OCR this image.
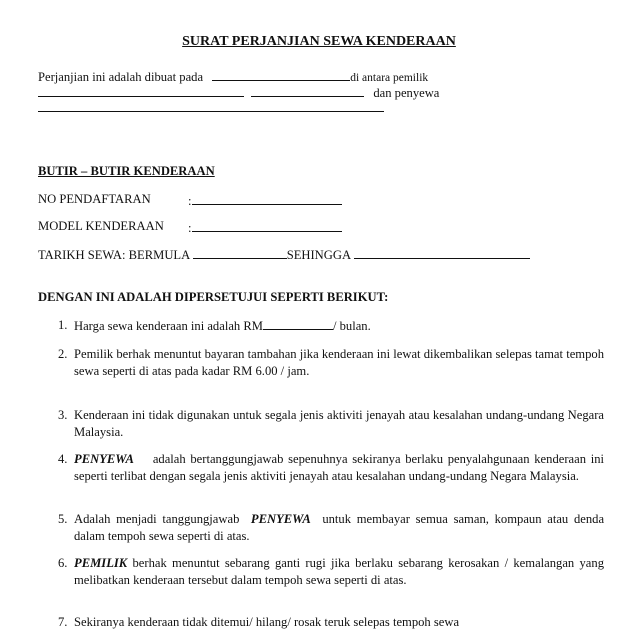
SURAT PERJANJIAN SEWA KENDERAAN
Perjanjian ini adalah dibuat pada	di antara pemilik
dan penyewa
BUTIR – BUTIR KENDERAAN
NO PENDAFTARAN	:
MODEL KENDERAAN :
TARIKH SEWA: BERMULA	SEHINGGA
DENGAN INI ADALAH DIPERSETUJUI SEPERTI BERIKUT:
1. Harga sewa kenderaan ini adalah RM	/ bulan.
2. Pemilik berhak menuntut bayaran tambahan jika kenderaan ini lewat dikembalikan selepas tamat tempoh sewa seperti di atas pada kadar RM 6.00 / jam.
3. Kenderaan ini tidak digunakan untuk segala jenis aktiviti jenayah atau kesalahan undang-undang Negara Malaysia.
4. PENYEWA adalah bertanggungjawab sepenuhnya sekiranya berlaku penyalahgunaan kenderaan ini seperti terlibat dengan segala jenis aktiviti jenayah atau kesalahan undang-undang Negara Malaysia.
5. Adalah menjadi tanggungjawab PENYEWA untuk membayar semua saman, kompaun atau denda dalam tempoh sewa seperti di atas.
6. PEMILIK berhak menuntut sebarang ganti rugi jika berlaku sebarang kerosakan / kemalangan yang melibatkan kenderaan tersebut dalam tempoh sewa seperti di atas.
7. Sekiranya kenderaan tidak ditemui/ hilang/ rosak teruk selepas tempoh sewa
